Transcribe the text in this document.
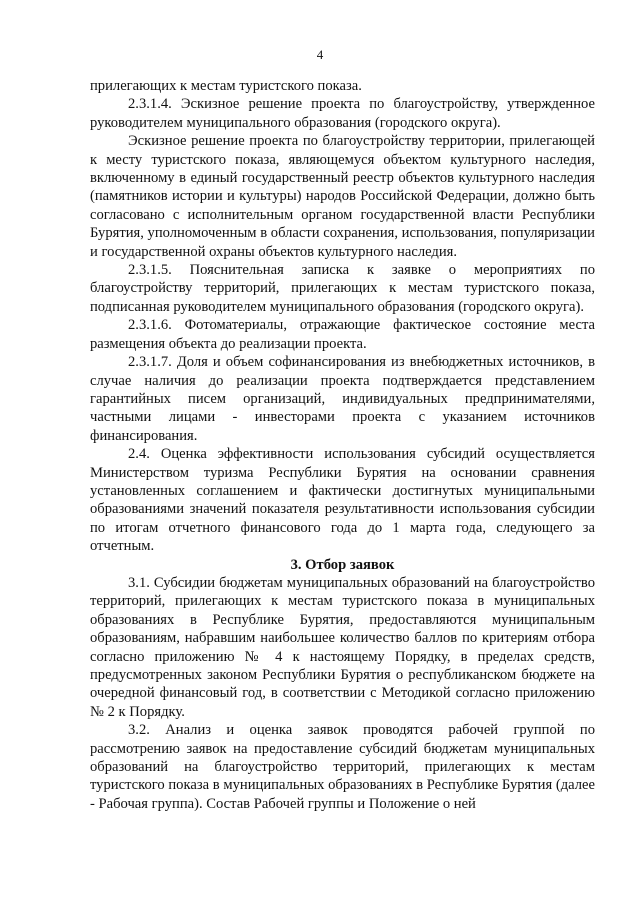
4

прилегающих к местам туристского показа.

2.3.1.4. Эскизное решение проекта по благоустройству, утвержденное руководителем муниципального образования (городского округа).

Эскизное решение проекта по благоустройству территории, прилегающей к месту туристского показа, являющемуся объектом культурного наследия, включенному в единый государственный реестр объектов культурного наследия (памятников истории и культуры) народов Российской Федерации, должно быть согласовано с исполнительным органом государственной власти Республики Бурятия, уполномоченным в области сохранения, использования, популяризации и государственной охраны объектов культурного наследия.

2.3.1.5. Пояснительная записка к заявке о мероприятиях по благоустройству территорий, прилегающих к местам туристского показа, подписанная руководителем муниципального образования (городского округа).

2.3.1.6. Фотоматериалы, отражающие фактическое состояние места размещения объекта до реализации проекта.

2.3.1.7. Доля и объем софинансирования из внебюджетных источников, в случае наличия до реализации проекта подтверждается представлением гарантийных писем организаций, индивидуальных предпринимателями, частными лицами - инвесторами проекта с указанием источников финансирования.

2.4. Оценка эффективности использования субсидий осуществляется Министерством туризма Республики Бурятия на основании сравнения установленных соглашением и фактически достигнутых муниципальными образованиями значений показателя результативности использования субсидии по итогам отчетного финансового года до 1 марта года, следующего за отчетным.

3. Отбор заявок

3.1. Субсидии бюджетам муниципальных образований на благоустройство территорий, прилегающих к местам туристского показа в муниципальных образованиях в Республике Бурятия, предоставляются муниципальным образованиям, набравшим наибольшее количество баллов по критериям отбора согласно приложению № 4 к настоящему Порядку, в пределах средств, предусмотренных законом Республики Бурятия о республиканском бюджете на очередной финансовый год, в соответствии с Методикой согласно приложению № 2 к Порядку.

3.2. Анализ и оценка заявок проводятся рабочей группой по рассмотрению заявок на предоставление субсидий бюджетам муниципальных образований на благоустройство территорий, прилегающих к местам туристского показа в муниципальных образованиях в Республике Бурятия (далее - Рабочая группа). Состав Рабочей группы и Положение о ней
